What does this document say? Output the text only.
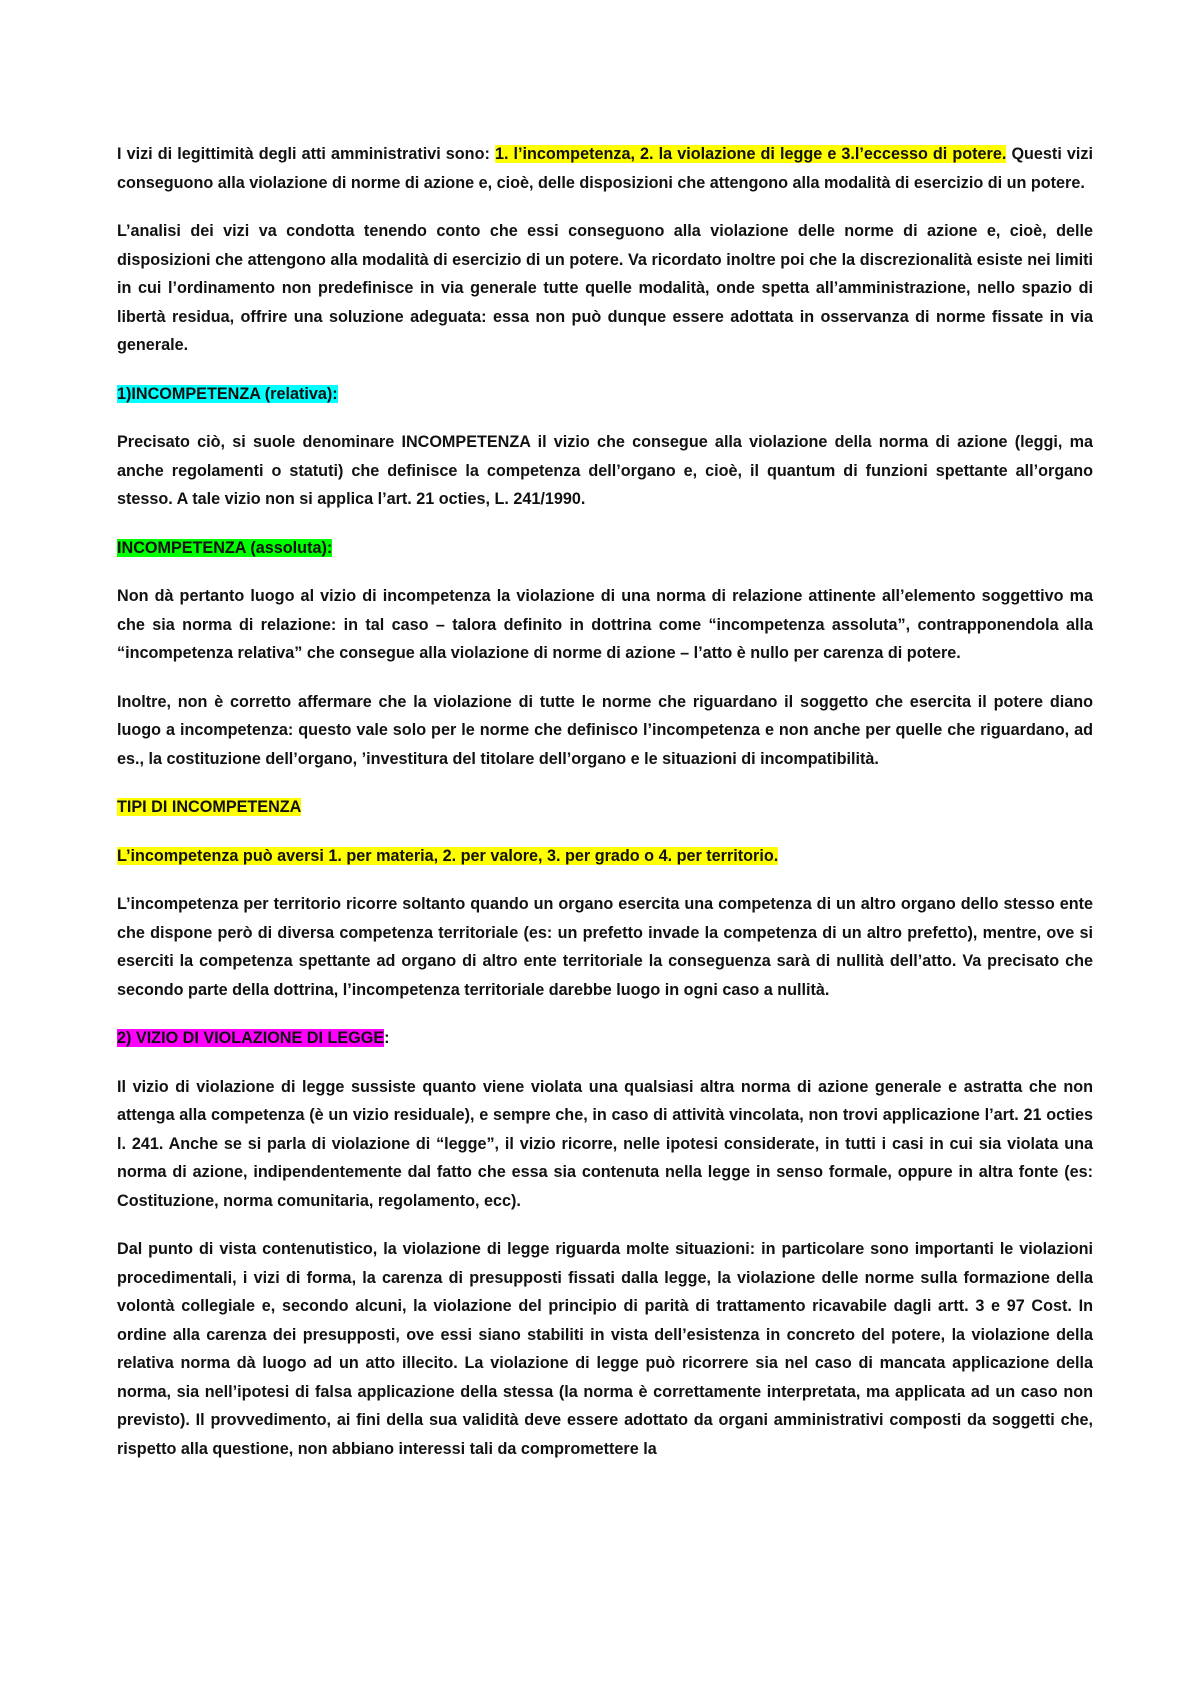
I vizi di legittimità degli atti amministrativi sono: 1. l’incompetenza, 2. la violazione di legge e 3.l’eccesso di potere. Questi vizi conseguono alla violazione di norme di azione e, cioè, delle disposizioni che attengono alla modalità di esercizio di un potere.

L’analisi dei vizi va condotta tenendo conto che essi conseguono alla violazione delle norme di azione e, cioè, delle disposizioni che attengono alla modalità di esercizio di un potere. Va ricordato inoltre poi che la discrezionalità esiste nei limiti in cui l’ordinamento non predefinisce in via generale tutte quelle modalità, onde spetta all’amministrazione, nello spazio di libertà residua, offrire una soluzione adeguata: essa non può dunque essere adottata in osservanza di norme fissate in via generale.

1)INCOMPETENZA (relativa):

Precisato ciò, si suole denominare INCOMPETENZA il vizio che consegue alla violazione della norma di azione (leggi, ma anche regolamenti o statuti) che definisce la competenza dell’organo e, cioè, il quantum di funzioni spettante all’organo stesso. A tale vizio non si applica l’art. 21 octies, L. 241/1990.

INCOMPETENZA (assoluta):

Non dà pertanto luogo al vizio di incompetenza la violazione di una norma di relazione attinente all’elemento soggettivo ma che sia norma di relazione: in tal caso – talora definito in dottrina come “incompetenza assoluta”, contrapponendola alla “incompetenza relativa” che consegue alla violazione di norme di azione – l’atto è nullo per carenza di potere.

Inoltre, non è corretto affermare che la violazione di tutte le norme che riguardano il soggetto che esercita il potere diano luogo a incompetenza: questo vale solo per le norme che definisco l’incompetenza e non anche per quelle che riguardano, ad es., la costituzione dell’organo, ’investitura del titolare dell’organo e le situazioni di incompatibilità.

TIPI DI INCOMPETENZA

L’incompetenza può aversi 1. per materia, 2. per valore, 3. per grado o 4. per territorio.

L’incompetenza per territorio ricorre soltanto quando un organo esercita una competenza di un altro organo dello stesso ente che dispone però di diversa competenza territoriale (es: un prefetto invade la competenza di un altro prefetto), mentre, ove si eserciti la competenza spettante ad organo di altro ente territoriale la conseguenza sarà di nullità dell’atto. Va precisato che secondo parte della dottrina, l’incompetenza territoriale darebbe luogo in ogni caso a nullità.

2) VIZIO DI VIOLAZIONE DI LEGGE:

Il vizio di violazione di legge sussiste quanto viene violata una qualsiasi altra norma di azione generale e astratta che non attenga alla competenza (è un vizio residuale), e sempre che, in caso di attività vincolata, non trovi applicazione l’art. 21 octies l. 241. Anche se si parla di violazione di “legge”, il vizio ricorre, nelle ipotesi considerate, in tutti i casi in cui sia violata una norma di azione, indipendentemente dal fatto che essa sia contenuta nella legge in senso formale, oppure in altra fonte (es: Costituzione, norma comunitaria, regolamento, ecc).

Dal punto di vista contenutistico, la violazione di legge riguarda molte situazioni: in particolare sono importanti le violazioni procedimentali, i vizi di forma, la carenza di presupposti fissati dalla legge, la violazione delle norme sulla formazione della volontà collegiale e, secondo alcuni, la violazione del principio di parità di trattamento ricavabile dagli artt. 3 e 97 Cost. In ordine alla carenza dei presupposti, ove essi siano stabiliti in vista dell’esistenza in concreto del potere, la violazione della relativa norma dà luogo ad un atto illecito. La violazione di legge può ricorrere sia nel caso di mancata applicazione della norma, sia nell’ipotesi di falsa applicazione della stessa (la norma è correttamente interpretata, ma applicata ad un caso non previsto). Il provvedimento, ai fini della sua validità deve essere adottato da organi amministrativi composti da soggetti che, rispetto alla questione, non abbiano interessi tali da compromettere la
